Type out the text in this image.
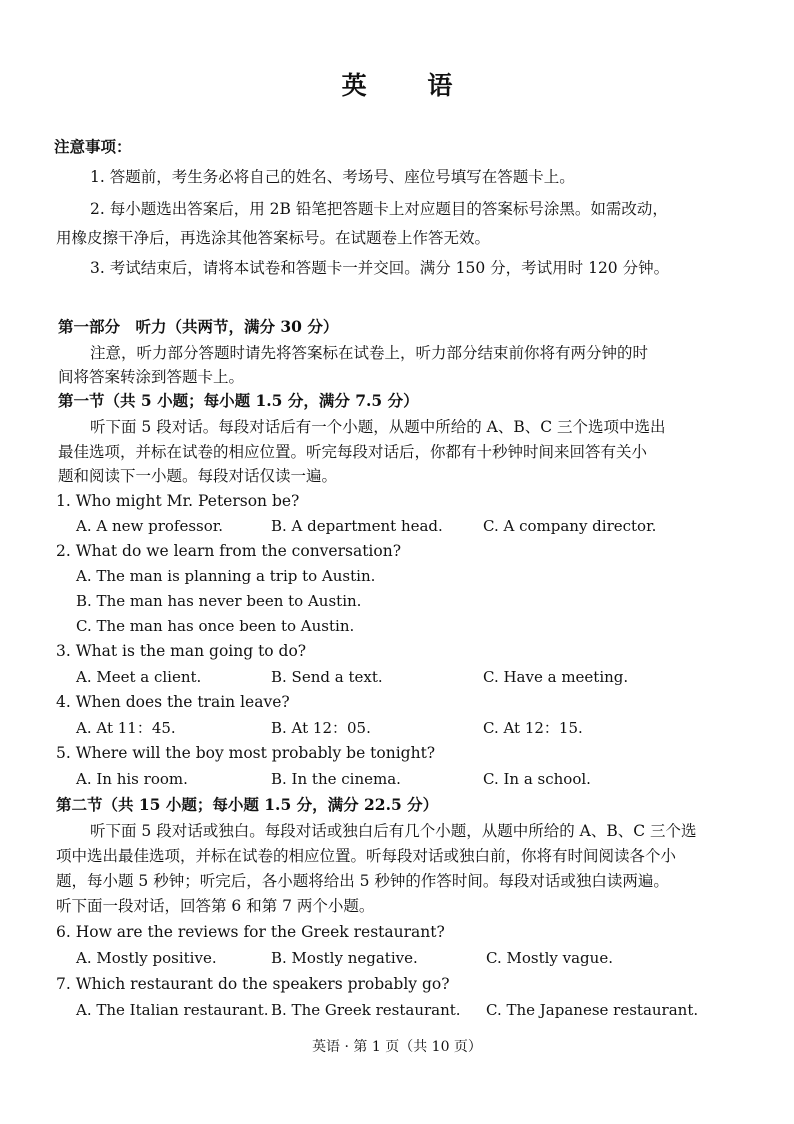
英 语
注意事项：
1. 答题前，考生务必将自己的姓名、考场号、座位号填写在答题卡上。
2. 每小题选出答案后，用 2B 铅笔把答题卡上对应题目的答案标号涂黑。如需改动，
用橡皮擦干净后，再选涂其他答案标号。在试题卷上作答无效。
3. 考试结束后，请将本试卷和答题卡一并交回。满分 150 分，考试用时 120 分钟。
第一部分　听力（共两节，满分 30 分）
注意，听力部分答题时请先将答案标在试卷上，听力部分结束前你将有两分钟的时
间将答案转涂到答题卡上。
第一节（共 5 小题；每小题 1.5 分，满分 7.5 分）
听下面 5 段对话。每段对话后有一个小题，从题中所给的 A、B、C 三个选项中选出
最佳选项，并标在试卷的相应位置。听完每段对话后，你都有十秒钟时间来回答有关小
题和阅读下一小题。每段对话仅读一遍。
1. Who might Mr. Peterson be?
A. A new professor.	B. A department head.	C. A company director.
2. What do we learn from the conversation?
A. The man is planning a trip to Austin.
B. The man has never been to Austin.
C. The man has once been to Austin.
3. What is the man going to do?
A. Meet a client.	B. Send a text.	C. Have a meeting.
4. When does the train leave?
A. At 11：45.	B. At 12：05.	C. At 12：15.
5. Where will the boy most probably be tonight?
A. In his room.	B. In the cinema.	C. In a school.
第二节（共 15 小题；每小题 1.5 分，满分 22.5 分）
听下面 5 段对话或独白。每段对话或独白后有几个小题，从题中所给的 A、B、C 三个选
项中选出最佳选项，并标在试卷的相应位置。听每段对话或独白前，你将有时间阅读各个小
题，每小题 5 秒钟；听完后，各小题将给出 5 秒钟的作答时间。每段对话或独白读两遍。
听下面一段对话，回答第 6 和第 7 两个小题。
6. How are the reviews for the Greek restaurant?
A. Mostly positive.	B. Mostly negative.	C. Mostly vague.
7. Which restaurant do the speakers probably go?
A. The Italian restaurant. B. The Greek restaurant. C. The Japanese restaurant.
英语 · 第 1 页（共 10 页）
